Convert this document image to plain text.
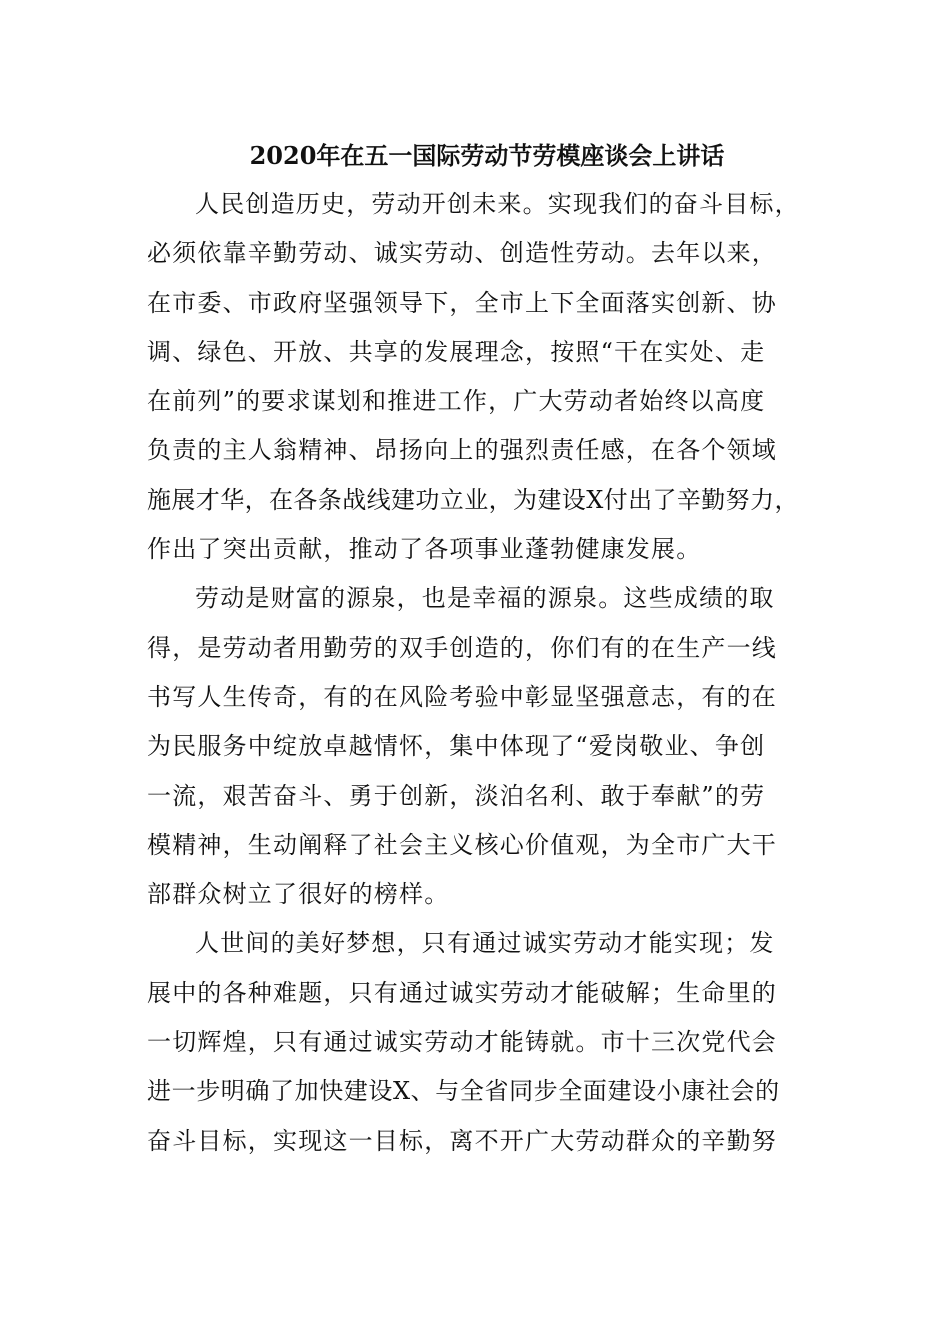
2020年在五一国际劳动节劳模座谈会上讲话
人民创造历史，劳动开创未来。实现我们的奋斗目标，
必须依靠辛勤劳动、诚实劳动、创造性劳动。去年以来，
在市委、市政府坚强领导下，全市上下全面落实创新、协
调、绿色、开放、共享的发展理念，按照“干在实处、走
在前列”的要求谋划和推进工作，广大劳动者始终以高度
负责的主人翁精神、昂扬向上的强烈责任感，在各个领域
施展才华，在各条战线建功立业，为建设X付出了辛勤努力，
作出了突出贡献，推动了各项事业蓬勃健康发展。
劳动是财富的源泉，也是幸福的源泉。这些成绩的取
得，是劳动者用勤劳的双手创造的，你们有的在生产一线
书写人生传奇，有的在风险考验中彰显坚强意志，有的在
为民服务中绽放卓越情怀，集中体现了“爱岗敬业、争创
一流，艰苦奋斗、勇于创新，淡泊名利、敢于奉献”的劳
模精神，生动阐释了社会主义核心价值观，为全市广大干
部群众树立了很好的榜样。
人世间的美好梦想，只有通过诚实劳动才能实现；发
展中的各种难题，只有通过诚实劳动才能破解；生命里的
一切辉煌，只有通过诚实劳动才能铸就。市十三次党代会
进一步明确了加快建设X、与全省同步全面建设小康社会的
奋斗目标，实现这一目标，离不开广大劳动群众的辛勤努
